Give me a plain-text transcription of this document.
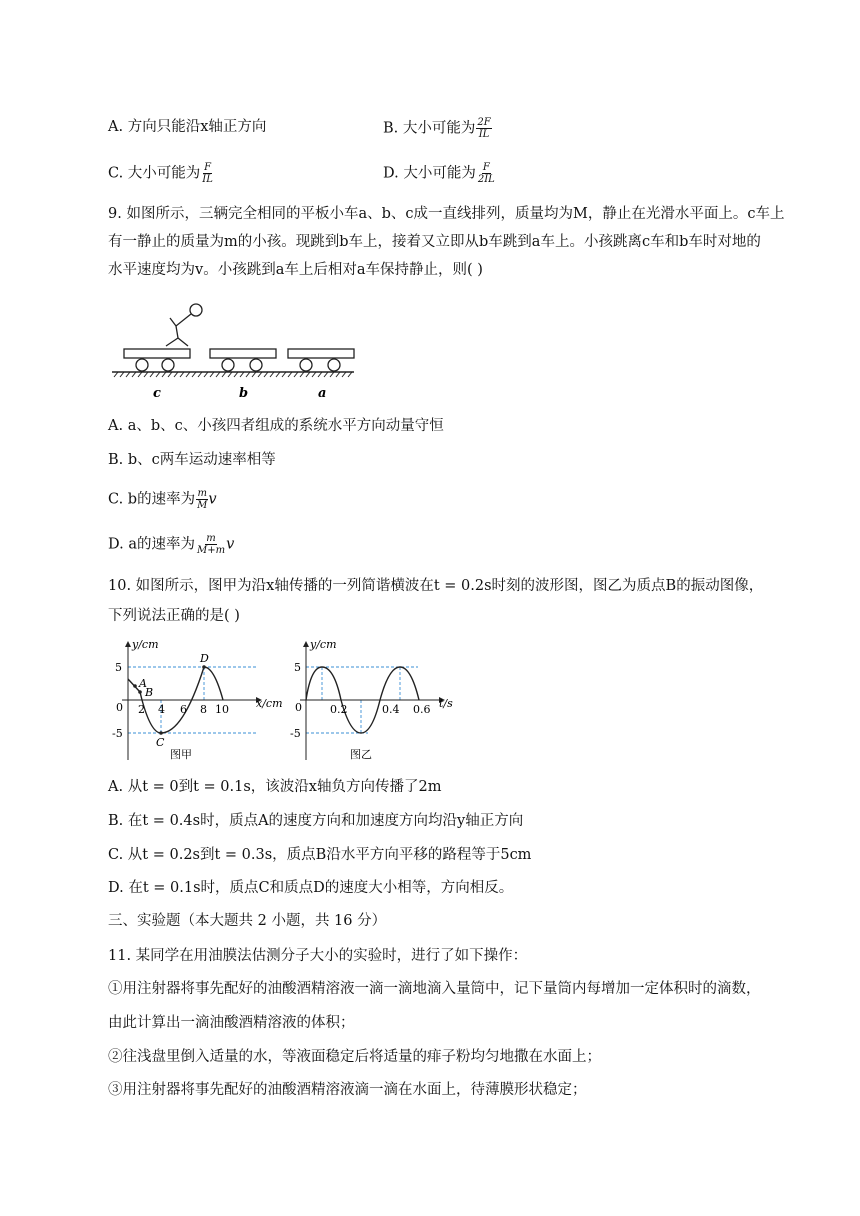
A. 方向只能沿x轴正方向	B. 大小可能为 $\frac{2F}{IL}$
C. 大小可能为 $\frac{F}{IL}$	D. 大小可能为 $\frac{F}{2IL}$
9. 如图所示，三辆完全相同的平板小车a、b、c成一直线排列，质量均为M，静止在光滑水平面上。c车上
有一静止的质量为m的小孩。现跳到b车上，接着又立即从b车跳到a车上。小孩跳离c车和b车时对地的
水平速度均为v。小孩跳到a车上后相对a车保持静止，则( )
c	b	a
A. a、b、c、小孩四者组成的系统水平方向动量守恒
B. b、c两车运动速率相等
C. b的速率为 $\frac{m}{M}$ v
D. a的速率为 $\frac{m}{M+m}$ v
10. 如图所示，图甲为沿x轴传播的一列简谐横波在t = 0.2s时刻的波形图，图乙为质点B的振动图像，
下列说法正确的是( )
y/cm
x/cm
5
-5
0 2 4 6 8 10
A
B
C
D
图甲
y/cm
t/s
5
-5
0	0.2	0.4 0.6
图乙
A. 从t = 0到t = 0.1s，该波沿x轴负方向传播了2m
B. 在t = 0.4s时，质点A的速度方向和加速度方向均沿y轴正方向
C. 从t = 0.2s到t = 0.3s，质点B沿水平方向平移的路程等于5cm
D. 在t = 0.1s时，质点C和质点D的速度大小相等，方向相反。
三、实验题（本大题共 2 小题，共 16 分）
11. 某同学在用油膜法估测分子大小的实验时，进行了如下操作：
①用注射器将事先配好的油酸酒精溶液一滴一滴地滴入量筒中，记下量筒内每增加一定体积时的滴数，
由此计算出一滴油酸酒精溶液的体积；
②往浅盘里倒入适量的水，等液面稳定后将适量的痱子粉均匀地撒在水面上；
③用注射器将事先配好的油酸酒精溶液滴一滴在水面上，待薄膜形状稳定；
